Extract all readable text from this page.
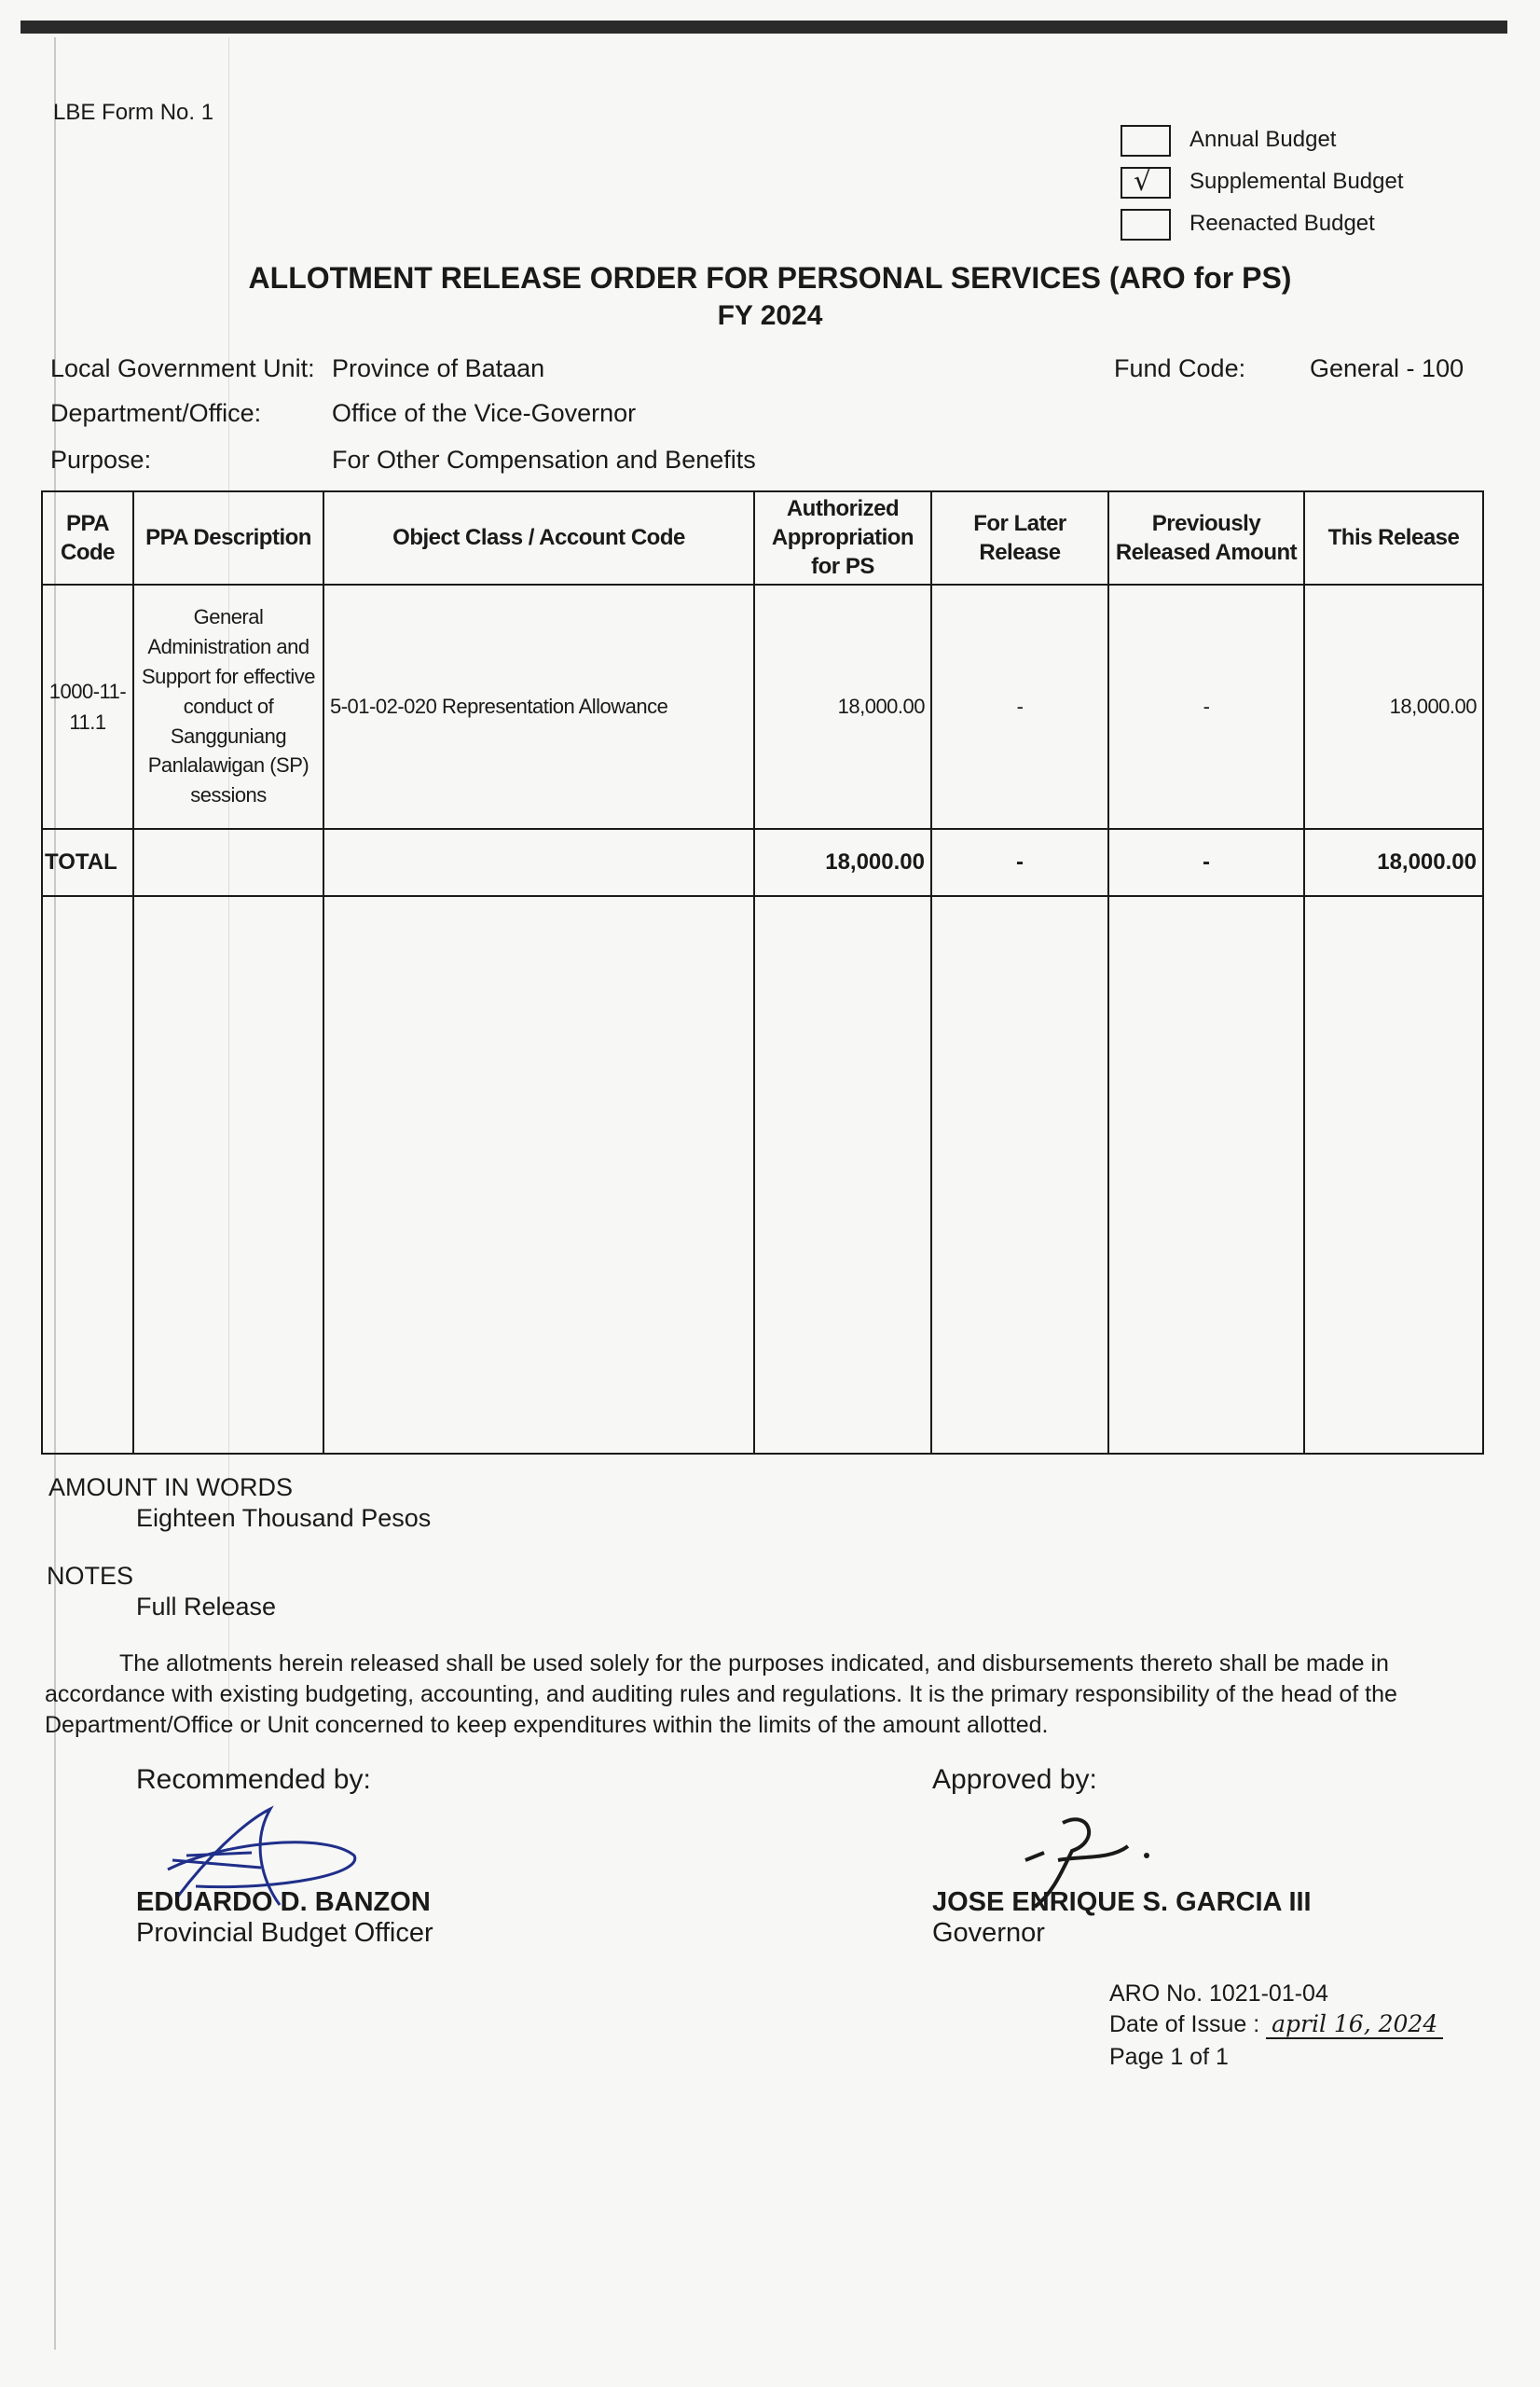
LBE Form No. 1
Annual Budget
√ Supplemental Budget
Reenacted Budget
ALLOTMENT RELEASE ORDER FOR PERSONAL SERVICES (ARO for PS)
FY 2024
Local Government Unit: Province of Bataan	Fund Code:	General - 100
Department/Office:	Office of the Vice-Governor
Purpose:	For Other Compensation and Benefits
PPA Code	PPA Description	Object Class / Account Code	Authorized Appropriation for PS	For Later Release	Previously Released Amount	This Release
1000-11-11.1	General Administration and Support for effective conduct of Sangguniang Panlalawigan (SP) sessions	5-01-02-020 Representation Allowance	18,000.00	-	-	18,000.00
TOTAL			18,000.00	-	-	18,000.00

AMOUNT IN WORDS
Eighteen Thousand Pesos
NOTES
Full Release
The allotments herein released shall be used solely for the purposes indicated, and disbursements thereto shall be made in accordance with existing budgeting, accounting, and auditing rules and regulations. It is the primary responsibility of the head of the Department/Office or Unit concerned to keep expenditures within the limits of the amount allotted.
Recommended by:	Approved by:
EDUARDO D. BANZON
Provincial Budget Officer
JOSE ENRIQUE S. GARCIA III
Governor
ARO No. 1021-01-04
Date of Issue : april 16, 2024
Page 1 of 1
